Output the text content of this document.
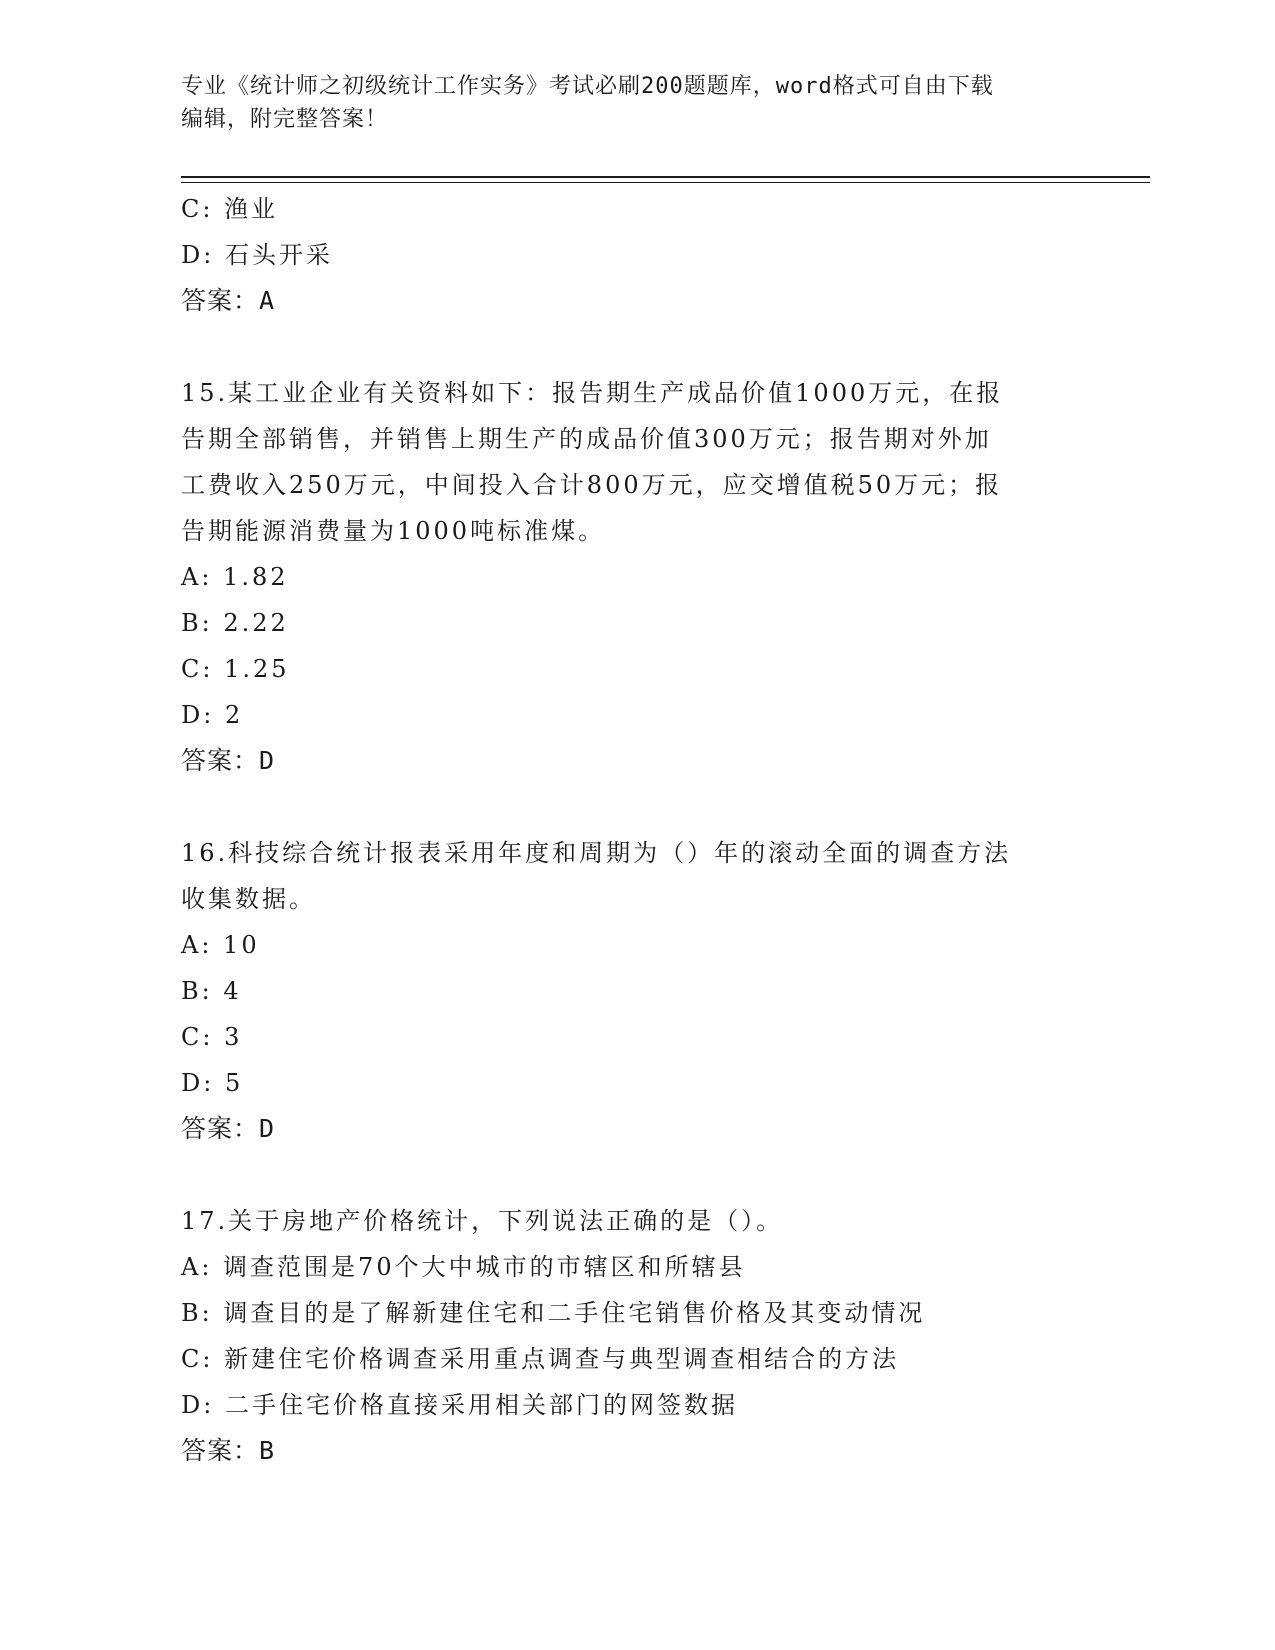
专业《统计师之初级统计工作实务》考试必刷200题题库，word格式可自由下载
编辑，附完整答案！
C: 渔业
D: 石头开采
答案：A
15.某工业企业有关资料如下：报告期生产成品价值1000万元，在报
告期全部销售，并销售上期生产的成品价值300万元；报告期对外加
工费收入250万元，中间投入合计800万元，应交增值税50万元；报
告期能源消费量为1000吨标准煤。
A: 1.82
B: 2.22
C: 1.25
D: 2
答案：D
16.科技综合统计报表采用年度和周期为（）年的滚动全面的调查方法
收集数据。
A: 10
B: 4
C: 3
D: 5
答案：D
17.关于房地产价格统计，下列说法正确的是（）。
A: 调查范围是70个大中城市的市辖区和所辖县
B: 调查目的是了解新建住宅和二手住宅销售价格及其变动情况
C: 新建住宅价格调查采用重点调查与典型调查相结合的方法
D: 二手住宅价格直接采用相关部门的网签数据
答案：B
